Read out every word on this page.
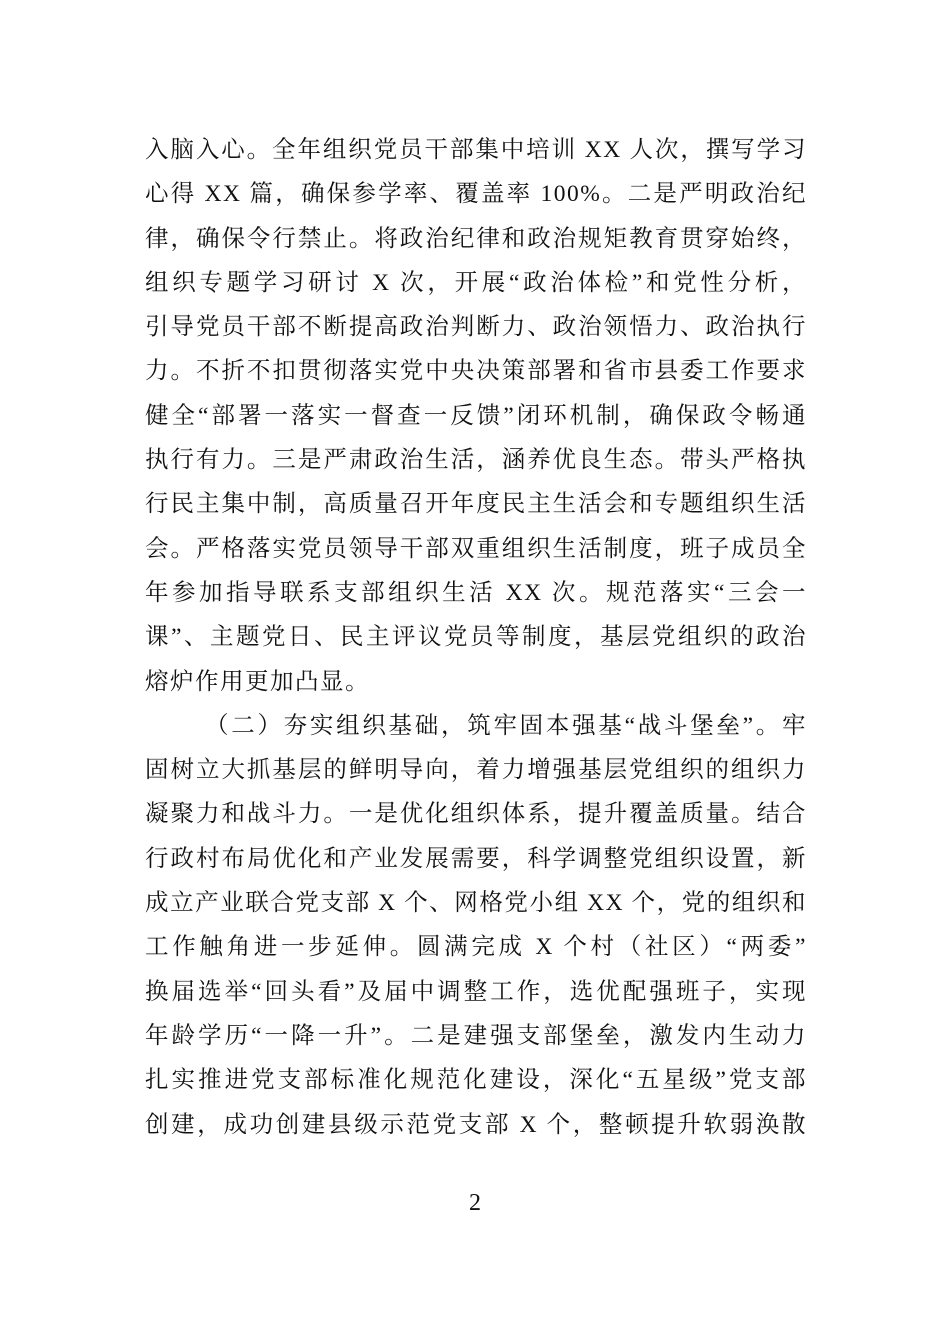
入脑入心。全年组织党员干部集中培训 XX 人次，撰写学习
心得 XX 篇，确保参学率、覆盖率 100%。二是严明政治纪
律，确保令行禁止。将政治纪律和政治规矩教育贯穿始终，
组织专题学习研讨 X 次，开展“政治体检”和党性分析，
引导党员干部不断提高政治判断力、政治领悟力、政治执行
力。不折不扣贯彻落实党中央决策部署和省市县委工作要求
健全“部署一落实一督查一反馈”闭环机制，确保政令畅通
执行有力。三是严肃政治生活，涵养优良生态。带头严格执
行民主集中制，高质量召开年度民主生活会和专题组织生活
会。严格落实党员领导干部双重组织生活制度，班子成员全
年参加指导联系支部组织生活 XX 次。规范落实“三会一
课”、主题党日、民主评议党员等制度，基层党组织的政治
熔炉作用更加凸显。
（二）夯实组织基础，筑牢固本强基“战斗堡垒”。牢
固树立大抓基层的鲜明导向，着力增强基层党组织的组织力
凝聚力和战斗力。一是优化组织体系，提升覆盖质量。结合
行政村布局优化和产业发展需要，科学调整党组织设置，新
成立产业联合党支部 X 个、网格党小组 XX 个，党的组织和
工作触角进一步延伸。圆满完成 X 个村（社区）“两委”
换届选举“回头看”及届中调整工作，选优配强班子，实现
年龄学历“一降一升”。二是建强支部堡垒，激发内生动力
扎实推进党支部标准化规范化建设，深化“五星级”党支部
创建，成功创建县级示范党支部 X 个，整顿提升软弱涣散
2
